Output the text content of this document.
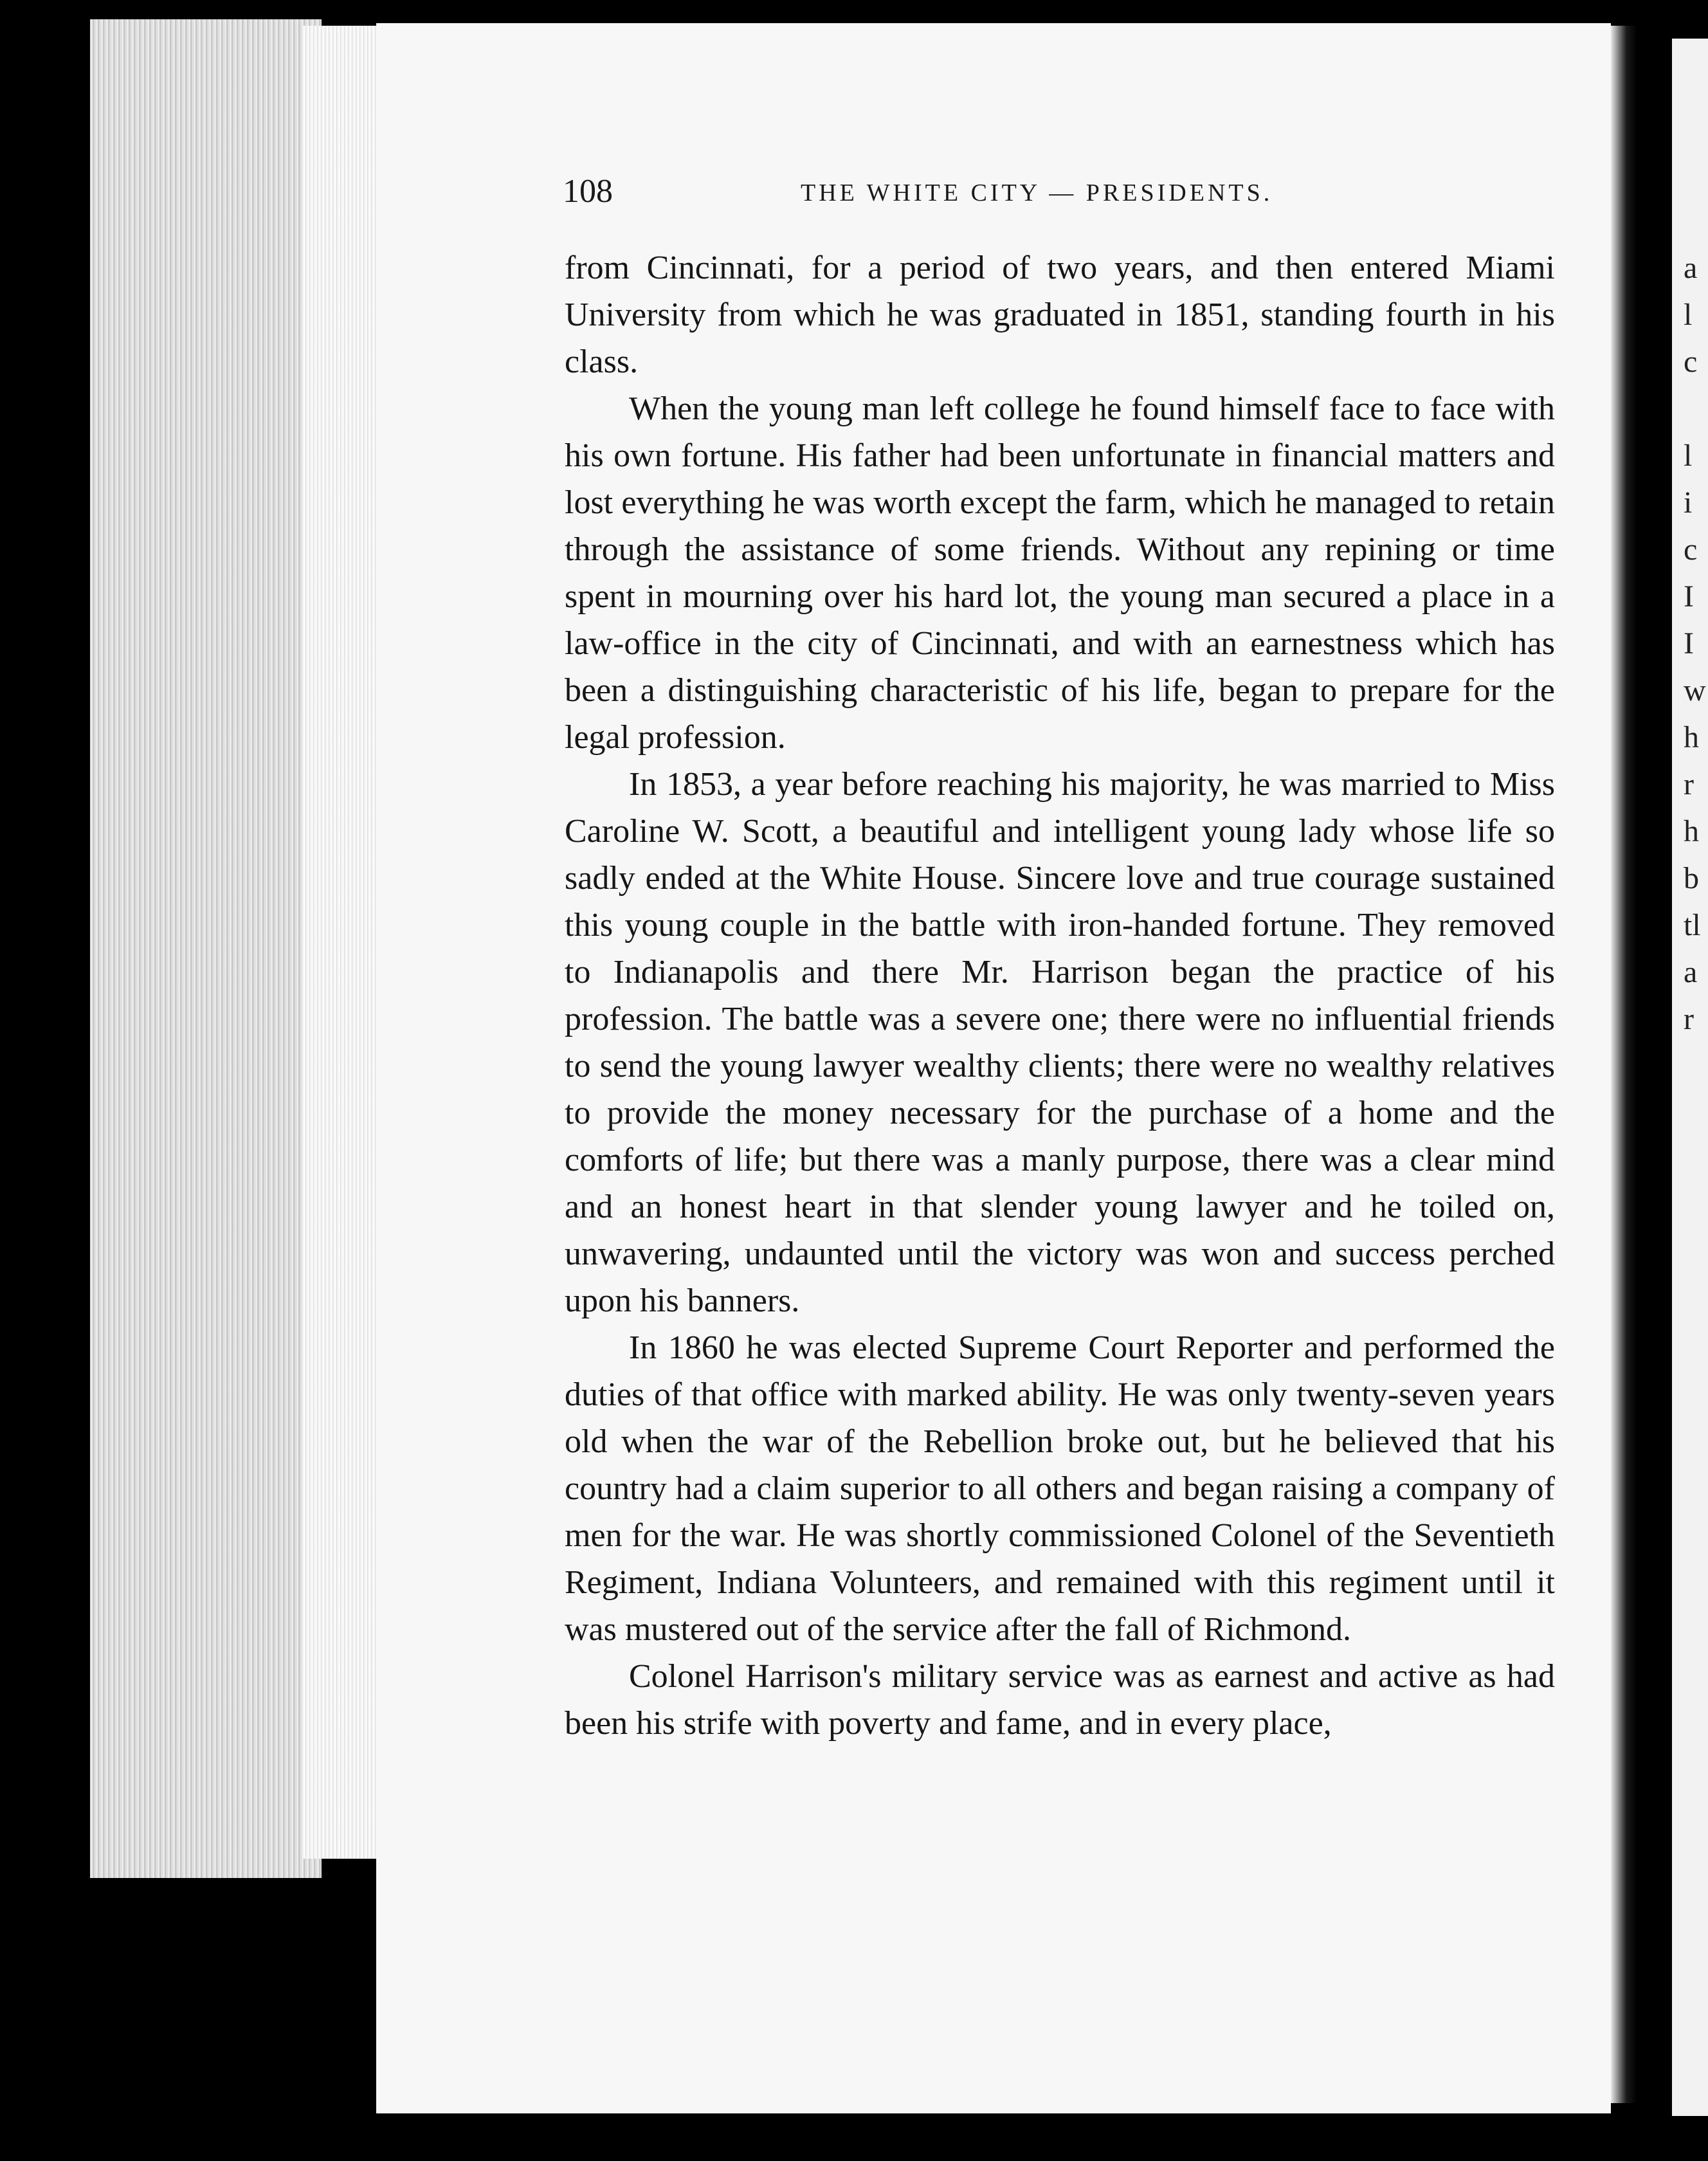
108	THE WHITE CITY — PRESIDENTS.

from Cincinnati, for a period of two years, and then entered Miami University from which he was graduated in 1851, standing fourth in his class.

When the young man left college he found himself face to face with his own fortune. His father had been unfortunate in financial matters and lost everything he was worth except the farm, which he managed to retain through the assistance of some friends. Without any repining or time spent in mourning over his hard lot, the young man secured a place in a law-office in the city of Cincinnati, and with an earnestness which has been a distinguishing characteristic of his life, began to prepare for the legal profession.

In 1853, a year before reaching his majority, he was married to Miss Caroline W. Scott, a beautiful and intelligent young lady whose life so sadly ended at the White House. Sincere love and true courage sustained this young couple in the battle with iron-handed fortune. They removed to Indianapolis and there Mr. Harrison began the practice of his profession. The battle was a severe one; there were no influential friends to send the young lawyer wealthy clients; there were no wealthy relatives to provide the money necessary for the purchase of a home and the comforts of life; but there was a manly purpose, there was a clear mind and an honest heart in that slender young lawyer and he toiled on, unwavering, undaunted until the victory was won and success perched upon his banners.

In 1860 he was elected Supreme Court Reporter and performed the duties of that office with marked ability. He was only twenty-seven years old when the war of the Rebellion broke out, but he believed that his country had a claim superior to all others and began raising a company of men for the war. He was shortly commissioned Colonel of the Seventieth Regiment, Indiana Volunteers, and remained with this regiment until it was mustered out of the service after the fall of Richmond.

Colonel Harrison's military service was as earnest and active as had been his strife with poverty and fame, and in every place,

a
l
c
l
i
c
I
I
w
h
r
h
b
tl
a
r
